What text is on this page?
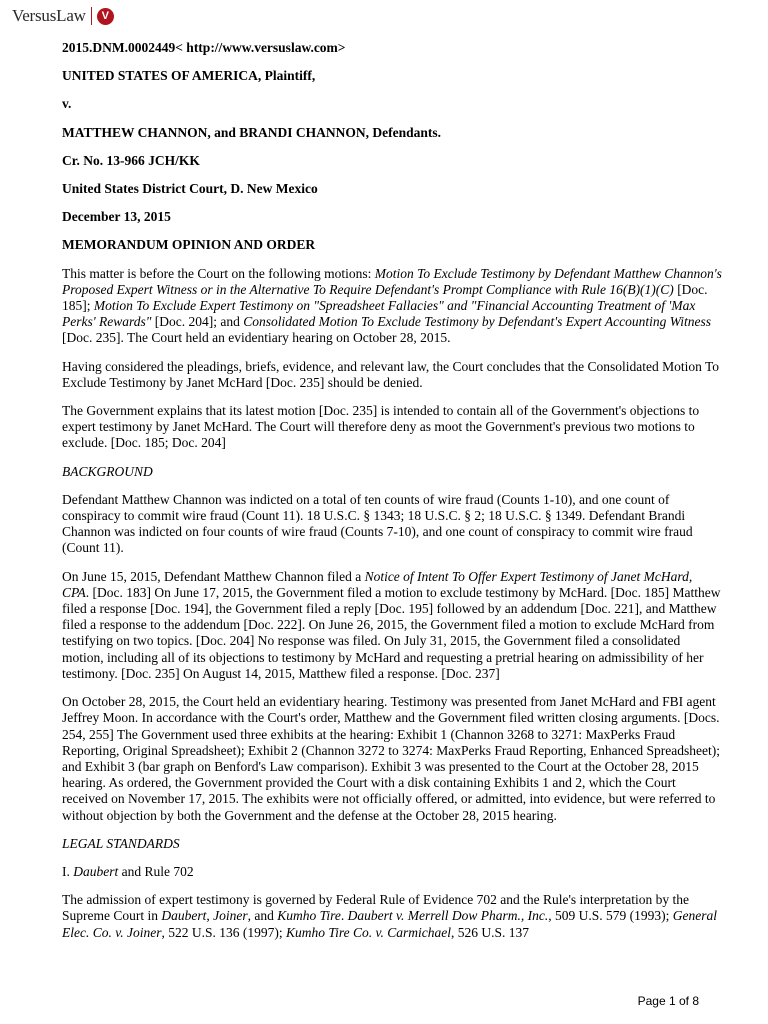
VersusLaw	V
2015.DNM.0002449< http://www.versuslaw.com>
UNITED STATES OF AMERICA, Plaintiff,
v.
MATTHEW CHANNON, and BRANDI CHANNON, Defendants.
Cr. No. 13-966 JCH/KK
United States District Court, D. New Mexico
December 13, 2015
MEMORANDUM OPINION AND ORDER

This matter is before the Court on the following motions: Motion To Exclude Testimony by Defendant Matthew Channon's Proposed Expert Witness or in the Alternative To Require Defendant's Prompt Compliance with Rule 16(B)(1)(C) [Doc. 185]; Motion To Exclude Expert Testimony on "Spreadsheet Fallacies" and "Financial Accounting Treatment of 'Max Perks' Rewards" [Doc. 204]; and Consolidated Motion To Exclude Testimony by Defendant's Expert Accounting Witness [Doc. 235]. The Court held an evidentiary hearing on October 28, 2015.

Having considered the pleadings, briefs, evidence, and relevant law, the Court concludes that the Consolidated Motion To Exclude Testimony by Janet McHard [Doc. 235] should be denied.

The Government explains that its latest motion [Doc. 235] is intended to contain all of the Government's objections to expert testimony by Janet McHard. The Court will therefore deny as moot the Government's previous two motions to exclude. [Doc. 185; Doc. 204]

BACKGROUND

Defendant Matthew Channon was indicted on a total of ten counts of wire fraud (Counts 1-10), and one count of conspiracy to commit wire fraud (Count 11). 18 U.S.C. § 1343; 18 U.S.C. § 2; 18 U.S.C. § 1349. Defendant Brandi Channon was indicted on four counts of wire fraud (Counts 7-10), and one count of conspiracy to commit wire fraud (Count 11).

On June 15, 2015, Defendant Matthew Channon filed a Notice of Intent To Offer Expert Testimony of Janet McHard, CPA. [Doc. 183] On June 17, 2015, the Government filed a motion to exclude testimony by McHard. [Doc. 185] Matthew filed a response [Doc. 194], the Government filed a reply [Doc. 195] followed by an addendum [Doc. 221], and Matthew filed a response to the addendum [Doc. 222]. On June 26, 2015, the Government filed a motion to exclude McHard from testifying on two topics. [Doc. 204] No response was filed. On July 31, 2015, the Government filed a consolidated motion, including all of its objections to testimony by McHard and requesting a pretrial hearing on admissibility of her testimony. [Doc. 235] On August 14, 2015, Matthew filed a response. [Doc. 237]

On October 28, 2015, the Court held an evidentiary hearing. Testimony was presented from Janet McHard and FBI agent Jeffrey Moon. In accordance with the Court's order, Matthew and the Government filed written closing arguments. [Docs. 254, 255] The Government used three exhibits at the hearing: Exhibit 1 (Channon 3268 to 3271: MaxPerks Fraud Reporting, Original Spreadsheet); Exhibit 2 (Channon 3272 to 3274: MaxPerks Fraud Reporting, Enhanced Spreadsheet); and Exhibit 3 (bar graph on Benford's Law comparison). Exhibit 3 was presented to the Court at the October 28, 2015 hearing. As ordered, the Government provided the Court with a disk containing Exhibits 1 and 2, which the Court received on November 17, 2015. The exhibits were not officially offered, or admitted, into evidence, but were referred to without objection by both the Government and the defense at the October 28, 2015 hearing.

LEGAL STANDARDS

I. Daubert and Rule 702

The admission of expert testimony is governed by Federal Rule of Evidence 702 and the Rule's interpretation by the Supreme Court in Daubert, Joiner, and Kumho Tire. Daubert v. Merrell Dow Pharm., Inc., 509 U.S. 579 (1993); General Elec. Co. v. Joiner, 522 U.S. 136 (1997); Kumho Tire Co. v. Carmichael, 526 U.S. 137

Page 1 of 8
